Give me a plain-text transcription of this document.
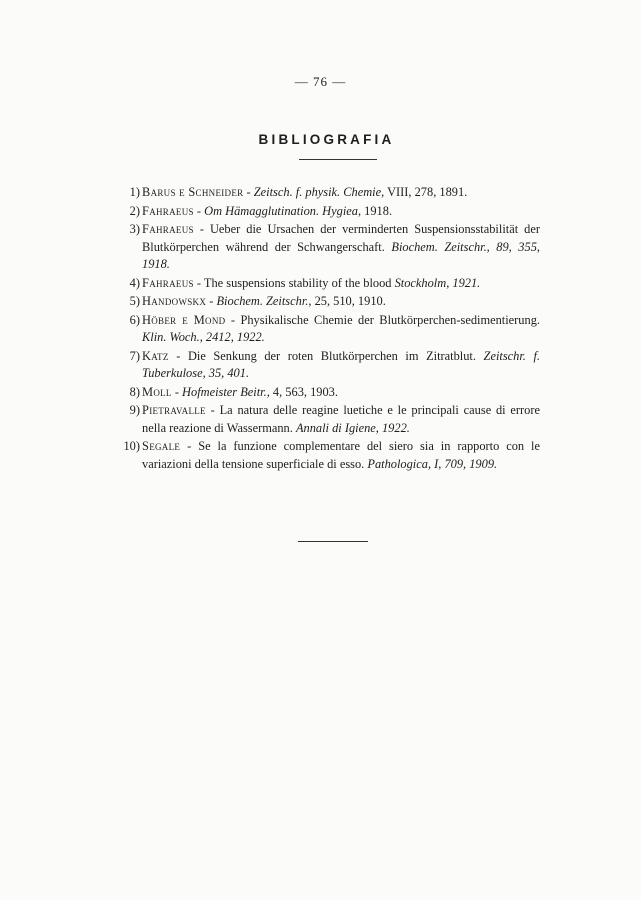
— 76 —
BIBLIOGRAFIA
1) Barus e Schneider - Zeitsch. f. physik. Chemie, VIII, 278, 1891.
2) Fahraeus - Om Hämagglutination. Hygiea, 1918.
3) Fahraeus - Ueber die Ursachen der verminderten Suspensionsstabilität der Blutkörperchen während der Schwangerschaft. Biochem. Zeitschr., 89, 355, 1918.
4) Fahraeus - The suspensions stability of the blood Stockholm, 1921.
5) Handowskx - Biochem. Zeitschr., 25, 510, 1910.
6) Höber e Mond - Physikalische Chemie der Blutkörperchen-sedimentierung. Klin. Woch., 2412, 1922.
7) Katz - Die Senkung der roten Blutkörperchen im Zitratblut. Zeitschr. f. Tuberkulose, 35, 401.
8) Moll - Hofmeister Beitr., 4, 563, 1903.
9) Pietravalle - La natura delle reagine luetiche e le principali cause di errore nella reazione di Wassermann. Annali di Igiene, 1922.
10) Segale - Se la funzione complementare del siero sia in rapporto con le variazioni della tensione superficiale di esso. Pathologica, I, 709, 1909.
